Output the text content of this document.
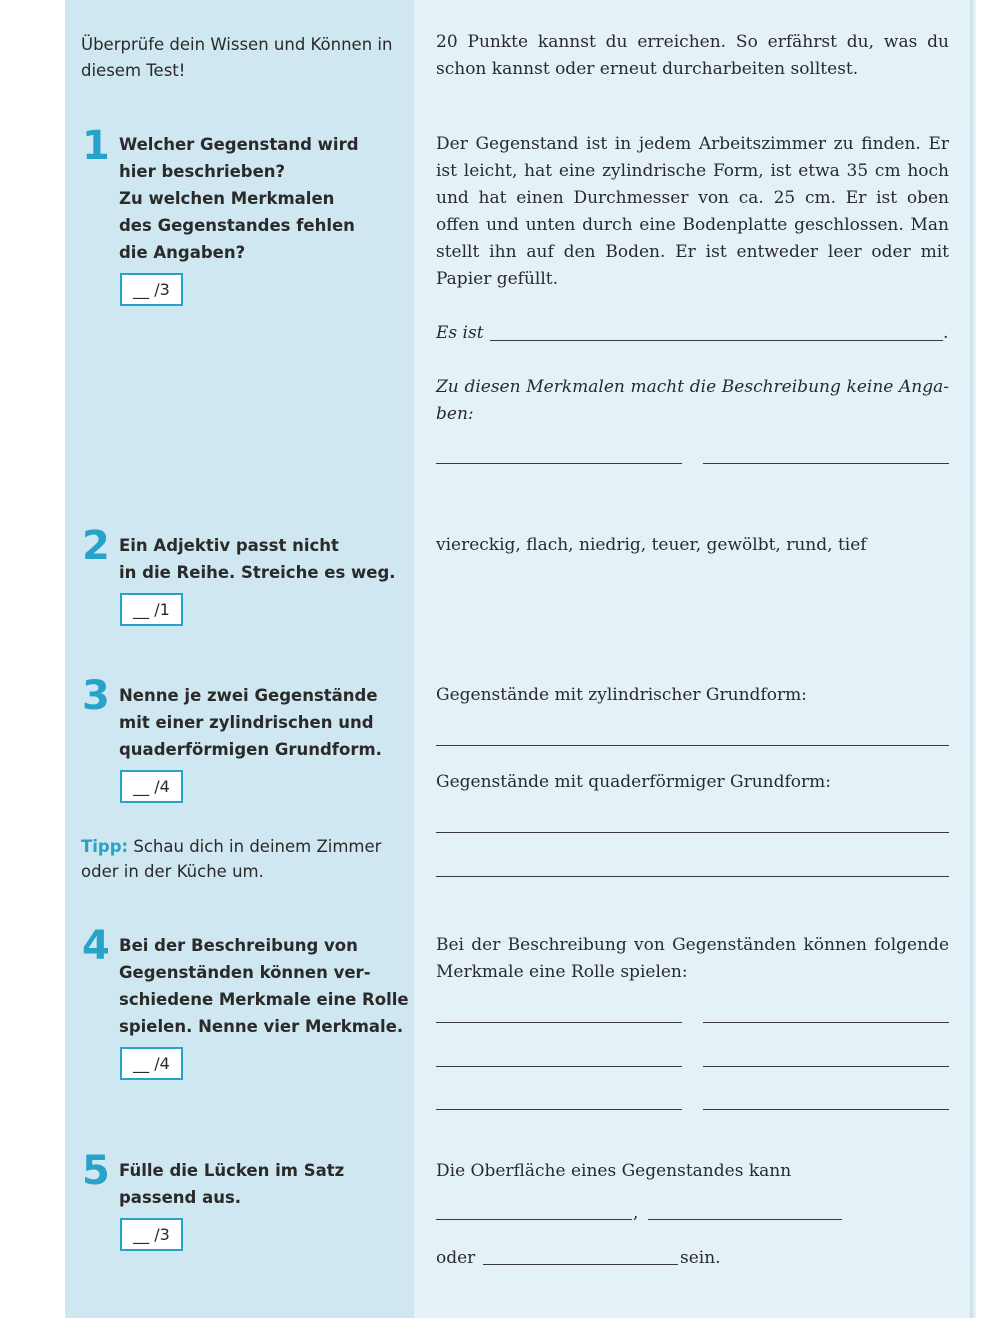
Überprüfe dein Wissen und Können in diesem Test!
20 Punkte kannst du erreichen. So erfährst du, was du schon kannst oder erneut durcharbeiten solltest.
1 Welcher Gegenstand wird
hier beschrieben?
Zu welchen Merkmalen
des Gegenstandes fehlen
die Angaben?
__ /3
Der Gegenstand ist in jedem Arbeitszimmer zu finden. Er ist leicht, hat eine zylindrische Form, ist etwa 35 cm hoch und hat einen Durchmesser von ca. 25 cm. Er ist oben offen und unten durch eine Bodenplatte geschlossen. Man stellt ihn auf den Boden. Er ist entweder leer oder mit Papier gefüllt.
Es ist	.
Zu diesen Merkmalen macht die Beschreibung keine Anga-ben:
2 Ein Adjektiv passt nicht
in die Reihe. Streiche es weg.
__ /1
viereckig, flach, niedrig, teuer, gewölbt, rund, tief
3 Nenne je zwei Gegenstände
mit einer zylindrischen und
quaderförmigen Grundform.
__ /4
Gegenstände mit zylindrischer Grundform:
Gegenstände mit quaderförmiger Grundform:
Tipp: Schau dich in deinem Zimmer oder in der Küche um.
4 Bei der Beschreibung von
Gegenständen können ver-
schiedene Merkmale eine Rolle
spielen. Nenne vier Merkmale.
__ /4
Bei der Beschreibung von Gegenständen können folgende Merkmale eine Rolle spielen:
5 Fülle die Lücken im Satz
passend aus.
__ /3
Die Oberfläche eines Gegenstandes kann
,
oder	sein.
